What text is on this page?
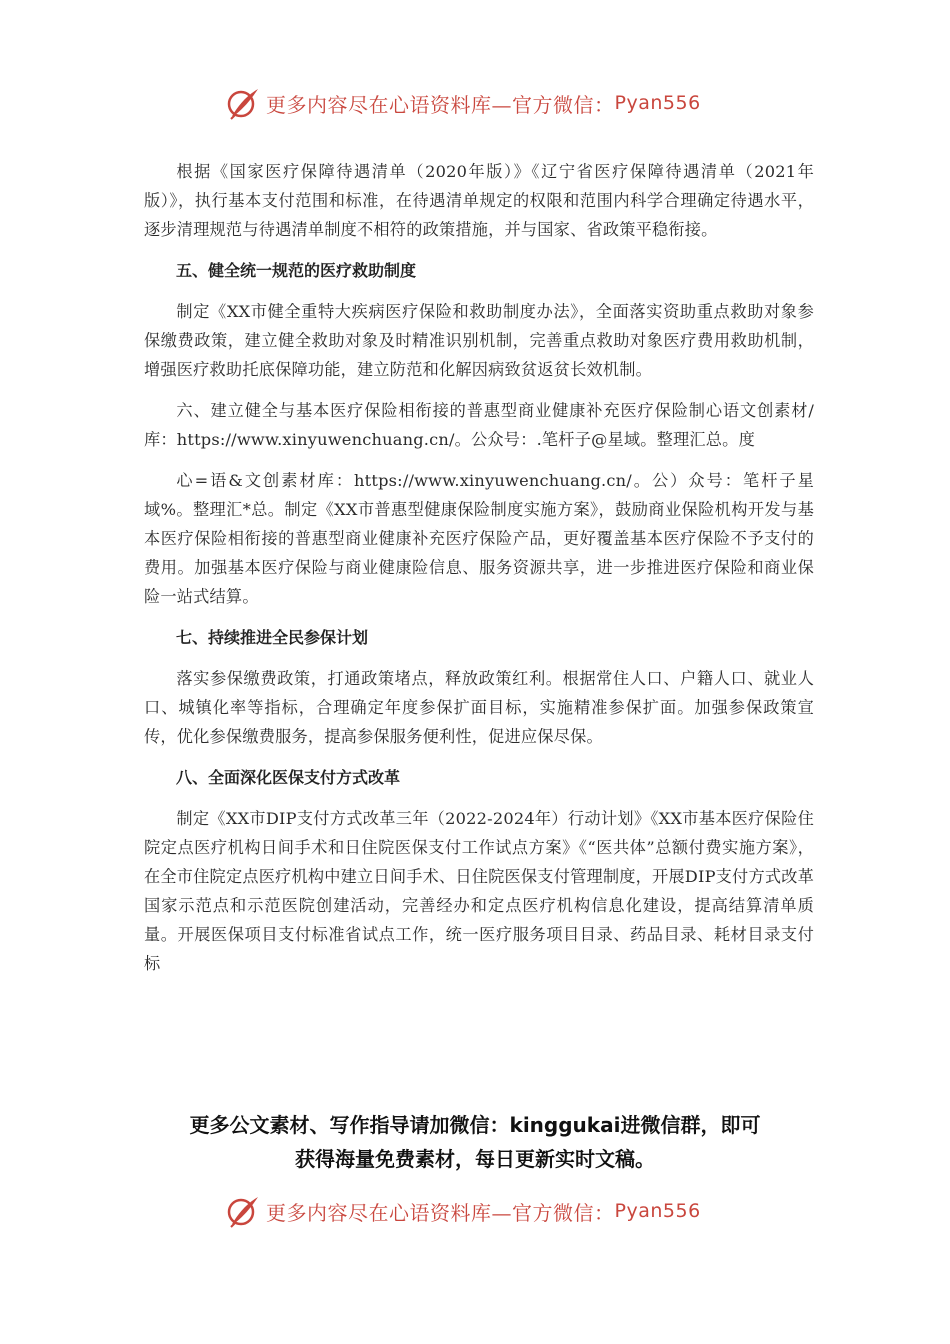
更多内容尽在心语资料库—官方微信： Pyan556

根据《国家医疗保障待遇清单（2020年版）》《辽宁省医疗保障待遇清单（2021年版）》，执行基本支付范围和标准，在待遇清单规定的权限和范围内科学合理确定待遇水平，逐步清理规范与待遇清单制度不相符的政策措施，并与国家、省政策平稳衔接。

五、健全统一规范的医疗救助制度

制定《XX市健全重特大疾病医疗保险和救助制度办法》，全面落实资助重点救助对象参保缴费政策，建立健全救助对象及时精准识别机制，完善重点救助对象医疗费用救助机制，增强医疗救助托底保障功能，建立防范和化解因病致贫返贫长效机制。

六、建立健全与基本医疗保险相衔接的普惠型商业健康补充医疗保险制心语文创素材/库：https://www.xinyuwenchuang.cn/。公众号：.笔杆子@星域。整理汇总。度

心=语&文创素材库：https://www.xinyuwenchuang.cn/。公）众号：笔杆子星域%。整理汇*总。制定《XX市普惠型健康保险制度实施方案》，鼓励商业保险机构开发与基本医疗保险相衔接的普惠型商业健康补充医疗保险产品，更好覆盖基本医疗保险不予支付的费用。加强基本医疗保险与商业健康险信息、服务资源共享，进一步推进医疗保险和商业保险一站式结算。

七、持续推进全民参保计划

落实参保缴费政策，打通政策堵点，释放政策红利。根据常住人口、户籍人口、就业人口、城镇化率等指标，合理确定年度参保扩面目标，实施精准参保扩面。加强参保政策宣传，优化参保缴费服务，提高参保服务便利性，促进应保尽保。

八、全面深化医保支付方式改革

制定《XX市DIP支付方式改革三年（2022-2024年）行动计划》《XX市基本医疗保险住院定点医疗机构日间手术和日住院医保支付工作试点方案》《“医共体”总额付费实施方案》，在全市住院定点医疗机构中建立日间手术、日住院医保支付管理制度，开展DIP支付方式改革国家示范点和示范医院创建活动，完善经办和定点医疗机构信息化建设，提高结算清单质量。开展医保项目支付标准省试点工作，统一医疗服务项目目录、药品目录、耗材目录支付标

更多公文素材、写作指导请加微信：kinggukai进微信群，即可
获得海量免费素材，每日更新实时文稿。
更多内容尽在心语资料库—官方微信： Pyan556
